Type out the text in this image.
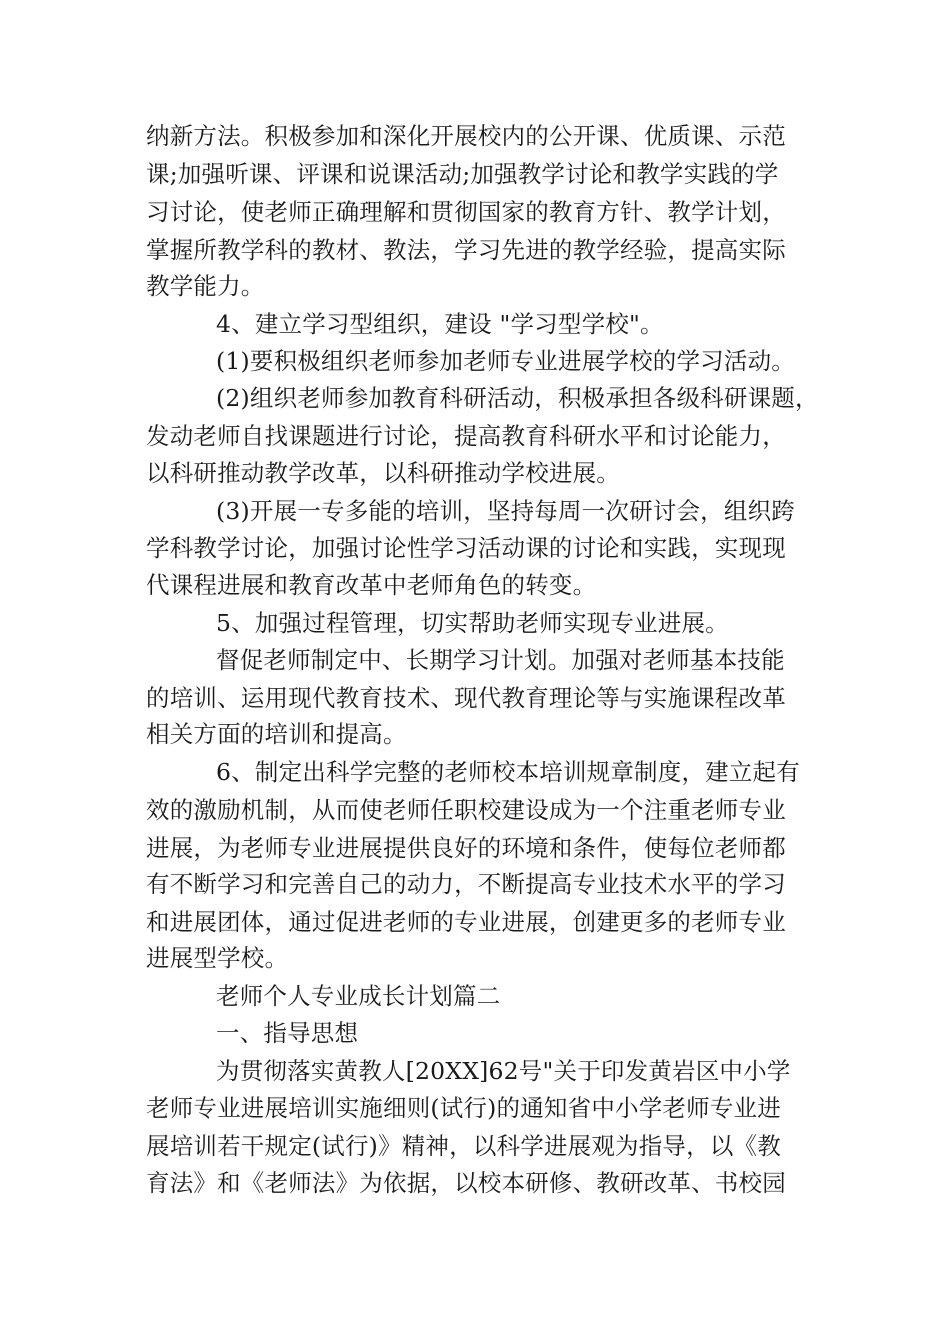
纳新方法。积极参加和深化开展校内的公开课、优质课、示范
课;加强听课、评课和说课活动;加强教学讨论和教学实践的学
习讨论，使老师正确理解和贯彻国家的教育方针、教学计划，
掌握所教学科的教材、教法，学习先进的教学经验，提高实际
教学能力。
4、建立学习型组织，建设 "学习型学校"。
(1)要积极组织老师参加老师专业进展学校的学习活动。
(2)组织老师参加教育科研活动，积极承担各级科研课题，
发动老师自找课题进行讨论，提高教育科研水平和讨论能力，
以科研推动教学改革，以科研推动学校进展。
(3)开展一专多能的培训，坚持每周一次研讨会，组织跨
学科教学讨论，加强讨论性学习活动课的讨论和实践，实现现
代课程进展和教育改革中老师角色的转变。
5、加强过程管理，切实帮助老师实现专业进展。
督促老师制定中、长期学习计划。加强对老师基本技能
的培训、运用现代教育技术、现代教育理论等与实施课程改革
相关方面的培训和提高。
6、制定出科学完整的老师校本培训规章制度，建立起有
效的激励机制，从而使老师任职校建设成为一个注重老师专业
进展，为老师专业进展提供良好的环境和条件，使每位老师都
有不断学习和完善自己的动力，不断提高专业技术水平的学习
和进展团体，通过促进老师的专业进展，创建更多的老师专业
进展型学校。
老师个人专业成长计划篇二
一、指导思想
为贯彻落实黄教人[20XX]62号"关于印发黄岩区中小学
老师专业进展培训实施细则(试行)的通知省中小学老师专业进
展培训若干规定(试行)》精神，以科学进展观为指导，以《教
育法》和《老师法》为依据，以校本研修、教研改革、书校园
